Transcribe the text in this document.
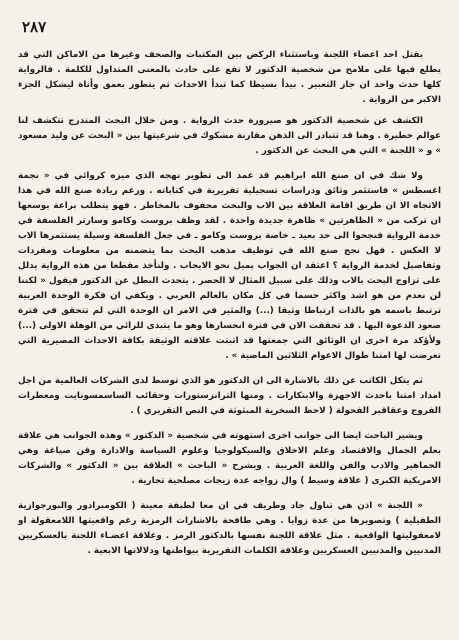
٢٨٧

بقتل احد اعضاء اللجنة وباستثناء الركض بين المكتبات والصحف وغيرها من الاماكن التي قد يطلع فيها على ملامح من شخصية الدكتور لا تقع على حادث بالمعنى المتداول للكلمة . فالرواية كلها حدث واحد ان جاز التعبير . بيدأ بسيطا كما تبدأ الاحداث ثم يتطور بعمق وأناة ليشكل الجزء الاكبر من الرواية .

الكشف عن شخصية الدكتور هو صيرورة حدث الرواية . ومن خلال البحث المتدرج تتكشف لنا عوالم خطيرة . وهنا قد تتبادر الى الذهن مقارنة مشكوك في شرعيتها بين « البحث عن وليد مسعود » و « اللجنة » التي هي البحث عن الدكتور .

ولا شك في ان صنع الله ابراهيم قد عمد الى تطوير نهجه الذي ميزه كروائي في « نجمة اغسطس » فاستثمر وثائق ودراسات تسجيلية تقريرية في كتاباته . ورغم ريادة صنع الله في هذا الاتجاه الا ان طريق اقامة العلاقة بين الاب والبحث محفوف بالمخاطر . فهو يتطلب براعة يوسعها ان تركب من « الظاهرتين » ظاهرة جديدة واحدة . لقد وظف بروست وكامو وسارتر الفلسفة في خدمة الرواية فنجحوا الى حد بعيد ـ خاصة بروست وكامو ـ في جعل الفلسفة وسيلة يستثمرها الاب لا العكس . فهل نجح صنع الله في توظيف مذهب البحث بما يتضمنه من معلومات ومفردات وتفاصيل لخدمة الرواية ؟ اعتقد ان الجواب يميل نحو الايجاب . ولنأخذ مقطعا من هذه الرواية يدلل على تزاوج البحث بالاب وذلك على سبيل المثال لا الحصر . يتحدث البطل عن الدكتور فيقول « لكننا لن نعدم من هو اشد واكثر حسما في كل مكان بالعالم العربي . ويكفي ان فكرة الوحدة العربية ترتبط باسمه هو بالذات ارتباطا وثيقا (...) والمثير في الامر ان الوحدة التي لم تتحقق في فترة صعود الدعوة اليها . قد تحققت الان في فترة انحسارها وهو ما يتبدى للرائي من الوهلة الاولى (...) ولأؤكد مرة اخرى ان الوثائق التي جمعتها قد اثبتت علاقته الوثيقة بكافة الاحداث المصيرية التي تعرضت لها امتنا طوال الاعوام الثلاثين الماضية » .

ثم يتكل الكاتب عن ذلك بالاشارة الى ان الدكتور هو الذي توسط لدى الشركات العالمية من اجل امداد امتنا باحدث الاجهزة والابتكارات . ومنها الترانزستورات وحقائب الساسمسونايت ومعطرات الفروج وعقاقير الفحولة ( لاحظ السخرية المبثوثة في النص التقريري ) .

ويشير الباحث ايضا الى جوانب اخرى استهوته في شخصية « الدكتور » وهذه الجوانب هي علاقة بعلم الجمال والاقتصاد وعلم الاخلاق والسيكولوجيا وعلوم السياسة والادارة وفن صياغة وهي الجماهير والادب والفن واللغة العربية . ويشرح « الباحث » العلاقة بين « الدكتور » والشركات الامريكية الكبرى ( علاقة وسيط ) وال زواجه عدة زيجات مصلحية تجارية .

« اللجنة » اذن هي تناول جاد وطريف في ان معا لطبقة معينة ( الكومبرادور والبورجوازية الطفيلية ) وتصويرها من عدة زوايا . وهي طافحة بالاشارات الرمزية رغم واقعيتها اللامعقولة او لامعقوليتها الواقعية . مثل علاقة اللجنة نفسها بالدكتور الرمز . وعلاقة اعضـاء اللجنة بالعسكريين المدنيين والمدنيين العسكريين وعلاقة الكلمات التقريرية بيواطنها ودلالاتها الابعية .
